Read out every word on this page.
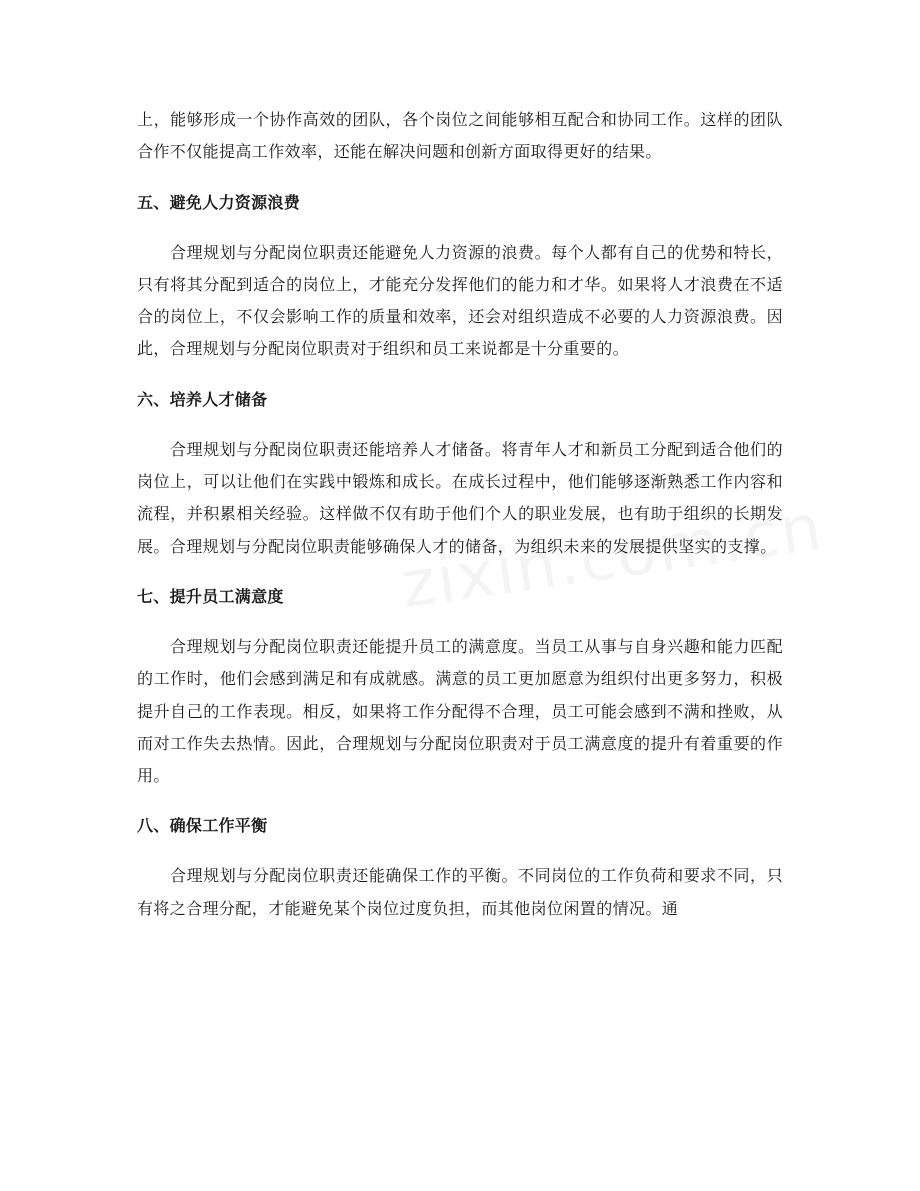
上，能够形成一个协作高效的团队，各个岗位之间能够相互配合和协同工作。这样的团队合作不仅能提高工作效率，还能在解决问题和创新方面取得更好的结果。

五、避免人力资源浪费

合理规划与分配岗位职责还能避免人力资源的浪费。每个人都有自己的优势和特长，只有将其分配到适合的岗位上，才能充分发挥他们的能力和才华。如果将人才浪费在不适合的岗位上，不仅会影响工作的质量和效率，还会对组织造成不必要的人力资源浪费。因此，合理规划与分配岗位职责对于组织和员工来说都是十分重要的。

六、培养人才储备

合理规划与分配岗位职责还能培养人才储备。将青年人才和新员工分配到适合他们的岗位上，可以让他们在实践中锻炼和成长。在成长过程中，他们能够逐渐熟悉工作内容和流程，并积累相关经验。这样做不仅有助于他们个人的职业发展，也有助于组织的长期发展。合理规划与分配岗位职责能够确保人才的储备，为组织未来的发展提供坚实的支撑。

七、提升员工满意度

合理规划与分配岗位职责还能提升员工的满意度。当员工从事与自身兴趣和能力匹配的工作时，他们会感到满足和有成就感。满意的员工更加愿意为组织付出更多努力，积极提升自己的工作表现。相反，如果将工作分配得不合理，员工可能会感到不满和挫败，从而对工作失去热情。因此，合理规划与分配岗位职责对于员工满意度的提升有着重要的作用。

八、确保工作平衡

合理规划与分配岗位职责还能确保工作的平衡。不同岗位的工作负荷和要求不同，只有将之合理分配，才能避免某个岗位过度负担，而其他岗位闲置的情况。通
